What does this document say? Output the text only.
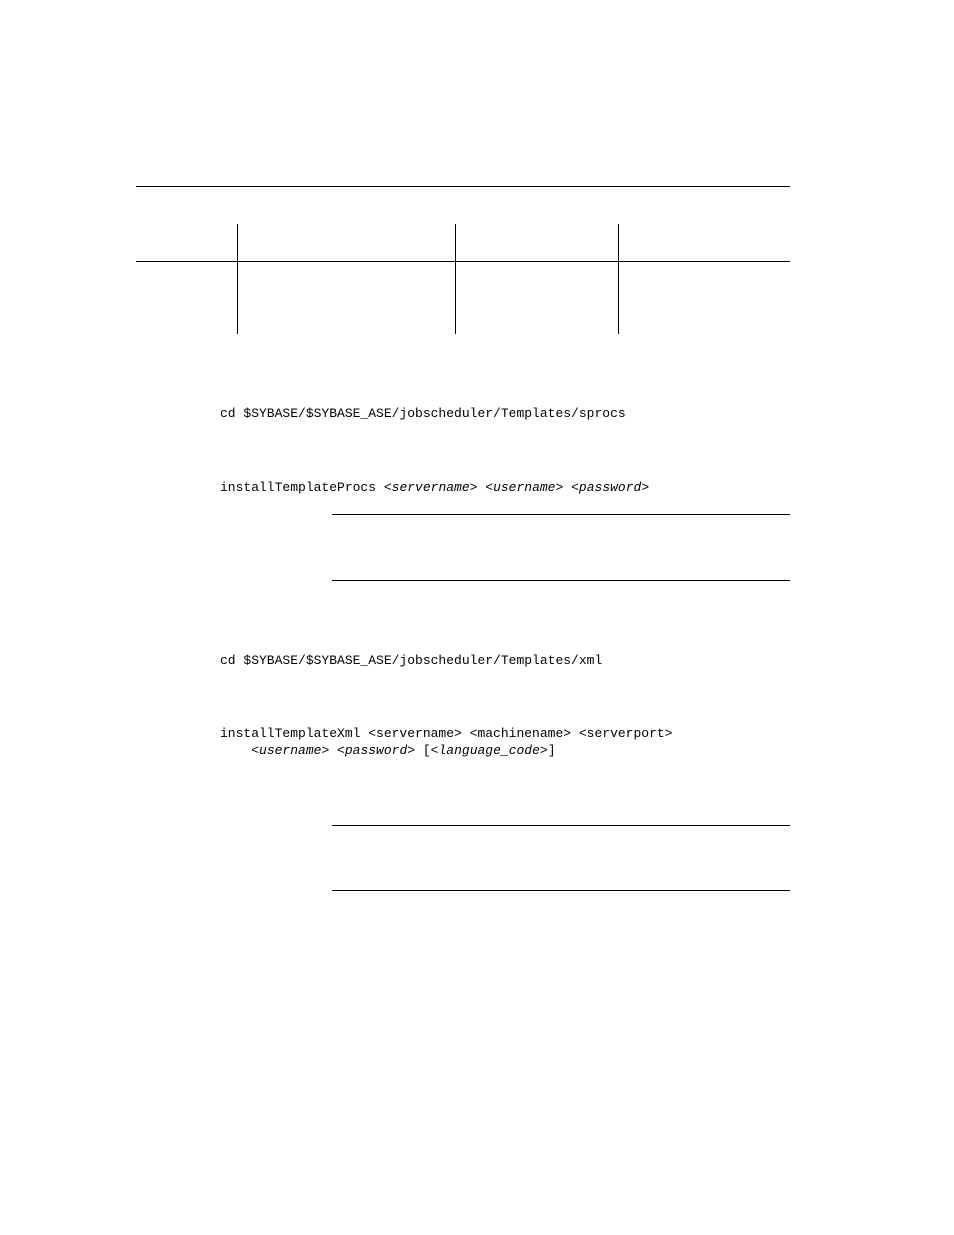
cd $SYBASE/$SYBASE_ASE/jobscheduler/Templates/sprocs
installTemplateProcs <servername> <username> <password>
cd $SYBASE/$SYBASE_ASE/jobscheduler/Templates/xml
installTemplateXml <servername> <machinename> <serverport>
<username> <password> [<language_code>]
